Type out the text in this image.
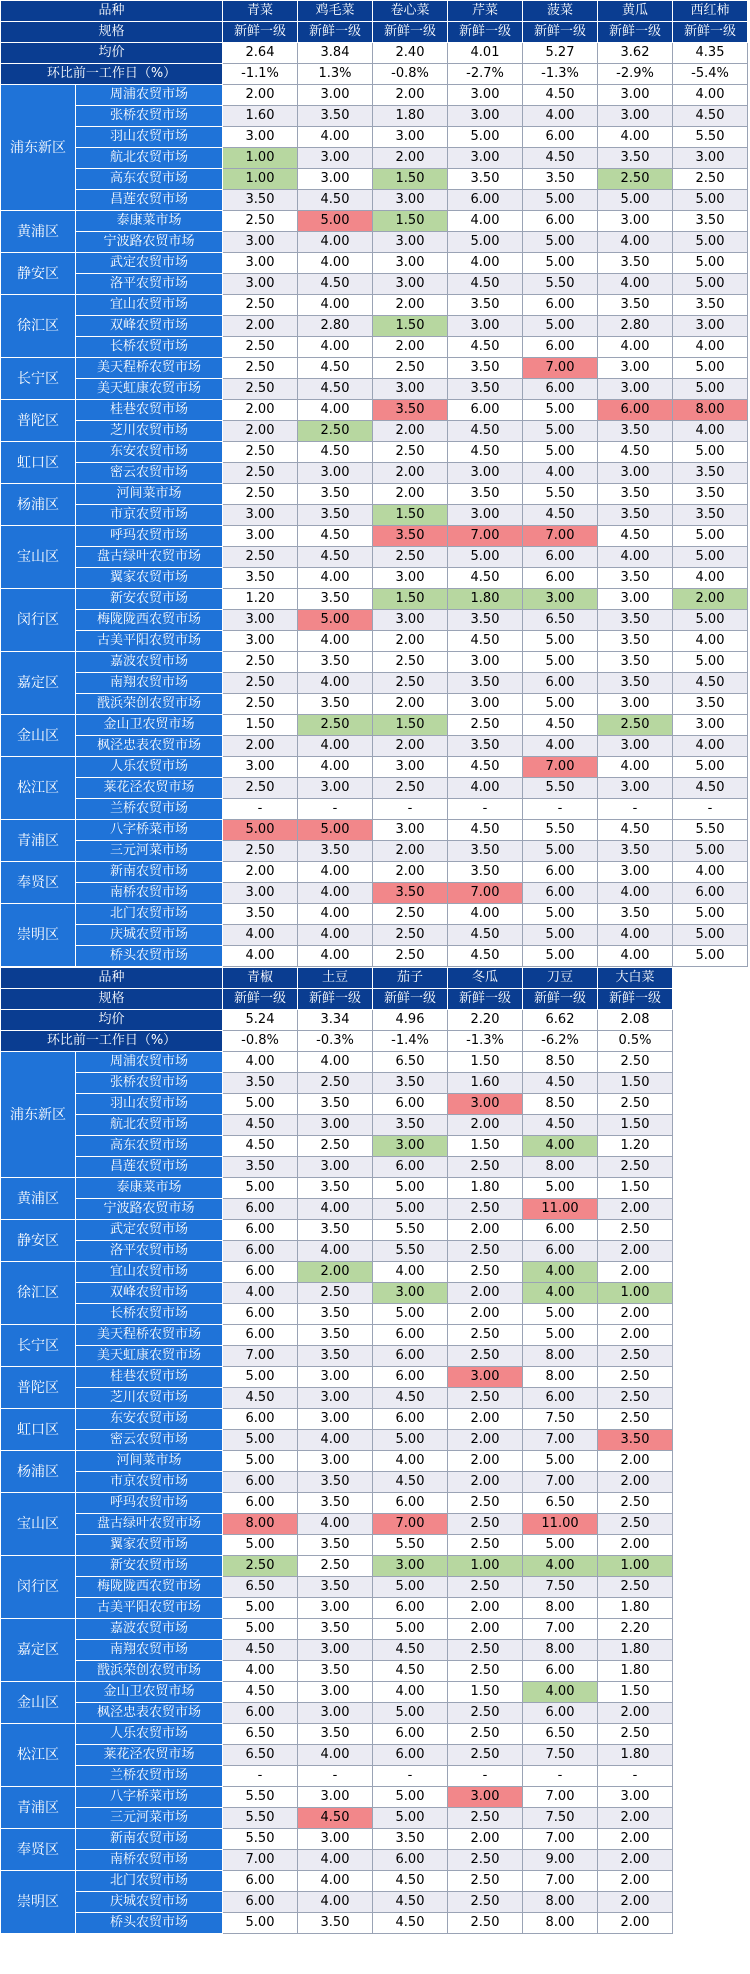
品种		青菜	鸡毛菜	卷心菜	芹菜	菠菜	黄瓜	西红柿
规格		新鲜一级	新鲜一级	新鲜一级	新鲜一级	新鲜一级	新鲜一级	新鲜一级
均价		2.64	3.84	2.40	4.01	5.27	3.62	4.35
环比前一工作日（%）		-1.1%	1.3%	-0.8%	-2.7%	-1.3%	-2.9%	-5.4%
浦东新区	周浦农贸市场	2.00	3.00	2.00	3.00	4.50	3.00	4.00
	张桥农贸市场	1.60	3.50	1.80	3.00	4.00	3.00	4.50
	羽山农贸市场	3.00	4.00	3.00	5.00	6.00	4.00	5.50
	航北农贸市场	1.00	3.00	2.00	3.00	4.50	3.50	3.00
	高东农贸市场	1.00	3.00	1.50	3.50	3.50	2.50	2.50
	昌莲农贸市场	3.50	4.50	3.00	6.00	5.00	5.00	5.00
黄浦区	泰康菜市场	2.50	5.00	1.50	4.00	6.00	3.00	3.50
	宁波路农贸市场	3.00	4.00	3.00	5.00	5.00	4.00	5.00
静安区	武定农贸市场	3.00	4.00	3.00	4.00	5.00	3.50	5.00
	洛平农贸市场	3.00	4.50	3.00	4.50	5.50	4.00	5.00
徐汇区	宜山农贸市场	2.50	4.00	2.00	3.50	6.00	3.50	3.50
	双峰农贸市场	2.00	2.80	1.50	3.00	5.00	2.80	3.00
	长桥农贸市场	2.50	4.00	2.00	4.50	6.00	4.00	4.00
长宁区	美天程桥农贸市场	2.50	4.50	2.50	3.50	7.00	3.00	5.00
	美天虹康农贸市场	2.50	4.50	3.00	3.50	6.00	3.00	5.00
普陀区	桂巷农贸市场	2.00	4.00	3.50	6.00	5.00	6.00	8.00
	芝川农贸市场	2.00	2.50	2.00	4.50	5.00	3.50	4.00
虹口区	东安农贸市场	2.50	4.50	2.50	4.50	5.00	4.50	5.00
	密云农贸市场	2.50	3.00	2.00	3.00	4.00	3.00	3.50
杨浦区	河间菜市场	2.50	3.50	2.00	3.50	5.50	3.50	3.50
	市京农贸市场	3.00	3.50	1.50	3.00	4.50	3.50	3.50
宝山区	呼玛农贸市场	3.00	4.50	3.50	7.00	7.00	4.50	5.00
	盘古绿叶农贸市场	2.50	4.50	2.50	5.00	6.00	4.00	5.00
	翼家农贸市场	3.50	4.00	3.00	4.50	6.00	3.50	4.00
闵行区	新安农贸市场	1.20	3.50	1.50	1.80	3.00	3.00	2.00
	梅陇陇西农贸市场	3.00	5.00	3.00	3.50	6.50	3.50	5.00
	古美平阳农贸市场	3.00	4.00	2.00	4.50	5.00	3.50	4.00
嘉定区	嘉波农贸市场	2.50	3.50	2.50	3.00	5.00	3.50	5.00
	南翔农贸市场	2.50	4.00	2.50	3.50	6.00	3.50	4.50
	戬浜荣创农贸市场	2.50	3.50	2.00	3.00	5.00	3.00	3.50
金山区	金山卫农贸市场	1.50	2.50	1.50	2.50	4.50	2.50	3.00
	枫泾忠表农贸市场	2.00	4.00	2.00	3.50	4.00	3.00	4.00
松江区	人乐农贸市场	3.00	4.00	3.00	4.50	7.00	4.00	5.00
	莱花泾农贸市场	2.50	3.00	2.50	4.00	5.50	3.00	4.50
	兰桥农贸市场	-	-	-	-	-	-	-
青浦区	八字桥菜市场	5.00	5.00	3.00	4.50	5.50	4.50	5.50
	三元河菜市场	2.50	3.50	2.00	3.50	5.00	3.50	5.00
奉贤区	新南农贸市场	2.00	4.00	2.00	3.50	6.00	3.00	4.00
	南桥农贸市场	3.00	4.00	3.50	7.00	6.00	4.00	6.00
崇明区	北门农贸市场	3.50	4.00	2.50	4.00	5.00	3.50	5.00
	庆城农贸市场	4.00	4.00	2.50	4.50	5.00	4.00	5.00
	桥头农贸市场	4.00	4.00	2.50	4.50	5.00	4.00	5.00
品种		青椒	土豆	茄子	冬瓜	刀豆	大白菜
规格		新鲜一级	新鲜一级	新鲜一级	新鲜一级	新鲜一级	新鲜一级
均价		5.24	3.34	4.96	2.20	6.62	2.08
环比前一工作日（%）		-0.8%	-0.3%	-1.4%	-1.3%	-6.2%	0.5%
浦东新区	周浦农贸市场	4.00	4.00	6.50	1.50	8.50	2.50
	张桥农贸市场	3.50	2.50	3.50	1.60	4.50	1.50
	羽山农贸市场	5.00	3.50	6.00	3.00	8.50	2.50
	航北农贸市场	4.50	3.00	3.50	2.00	4.50	1.50
	高东农贸市场	4.50	2.50	3.00	1.50	4.00	1.20
	昌莲农贸市场	3.50	3.00	6.00	2.50	8.00	2.50
黄浦区	泰康菜市场	5.00	3.50	5.00	1.80	5.00	1.50
	宁波路农贸市场	6.00	4.00	5.00	2.50	11.00	2.00
静安区	武定农贸市场	6.00	3.50	5.50	2.00	6.00	2.50
	洛平农贸市场	6.00	4.00	5.50	2.50	6.00	2.00
徐汇区	宜山农贸市场	6.00	2.00	4.00	2.50	4.00	2.00
	双峰农贸市场	4.00	2.50	3.00	2.00	4.00	1.00
	长桥农贸市场	6.00	3.50	5.00	2.00	5.00	2.00
长宁区	美天程桥农贸市场	6.00	3.50	6.00	2.50	5.00	2.00
	美天虹康农贸市场	7.00	3.50	6.00	2.50	8.00	2.50
普陀区	桂巷农贸市场	5.00	3.00	6.00	3.00	8.00	2.50
	芝川农贸市场	4.50	3.00	4.50	2.50	6.00	2.50
虹口区	东安农贸市场	6.00	3.00	6.00	2.00	7.50	2.50
	密云农贸市场	5.00	4.00	5.00	2.00	7.00	3.50
杨浦区	河间菜市场	5.00	3.00	4.00	2.00	5.00	2.00
	市京农贸市场	6.00	3.50	4.50	2.00	7.00	2.00
宝山区	呼玛农贸市场	6.00	3.50	6.00	2.50	6.50	2.50
	盘古绿叶农贸市场	8.00	4.00	7.00	2.50	11.00	2.50
	翼家农贸市场	5.00	3.50	5.50	2.50	5.00	2.00
闵行区	新安农贸市场	2.50	2.50	3.00	1.00	4.00	1.00
	梅陇陇西农贸市场	6.50	3.50	5.00	2.50	7.50	2.50
	古美平阳农贸市场	5.00	3.00	6.00	2.00	8.00	1.80
嘉定区	嘉波农贸市场	5.00	3.50	5.00	2.00	7.00	2.20
	南翔农贸市场	4.50	3.00	4.50	2.50	8.00	1.80
	戬浜荣创农贸市场	4.00	3.50	4.50	2.50	6.00	1.80
金山区	金山卫农贸市场	4.50	3.00	4.00	1.50	4.00	1.50
	枫泾忠表农贸市场	6.00	3.00	5.00	2.50	6.00	2.00
松江区	人乐农贸市场	6.50	3.50	6.00	2.50	6.50	2.50
	莱花泾农贸市场	6.50	4.00	6.00	2.50	7.50	1.80
	兰桥农贸市场	-	-	-	-	-	-
青浦区	八字桥菜市场	5.50	3.00	5.00	3.00	7.00	3.00
	三元河菜市场	5.50	4.50	5.00	2.50	7.50	2.00
奉贤区	新南农贸市场	5.50	3.00	3.50	2.00	7.00	2.00
	南桥农贸市场	7.00	4.00	6.00	2.50	9.00	2.00
崇明区	北门农贸市场	6.00	4.00	4.50	2.50	7.00	2.00
	庆城农贸市场	6.00	4.00	4.50	2.50	8.00	2.00
	桥头农贸市场	5.00	3.50	4.50	2.50	8.00	2.00
